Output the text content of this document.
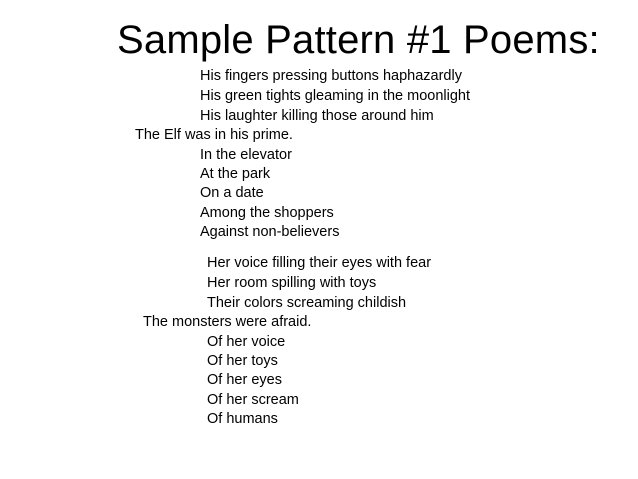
Sample Pattern #1 Poems:
His fingers pressing buttons haphazardly
His green tights gleaming in the moonlight
His laughter killing those around him
The Elf was in his prime.
In the elevator
At the park
On a date
Among the shoppers
Against non-believers
Her voice filling their eyes with fear
Her room spilling with toys
Their colors screaming childish
The monsters were afraid.
Of her voice
Of her toys
Of her eyes
Of her scream
Of humans
